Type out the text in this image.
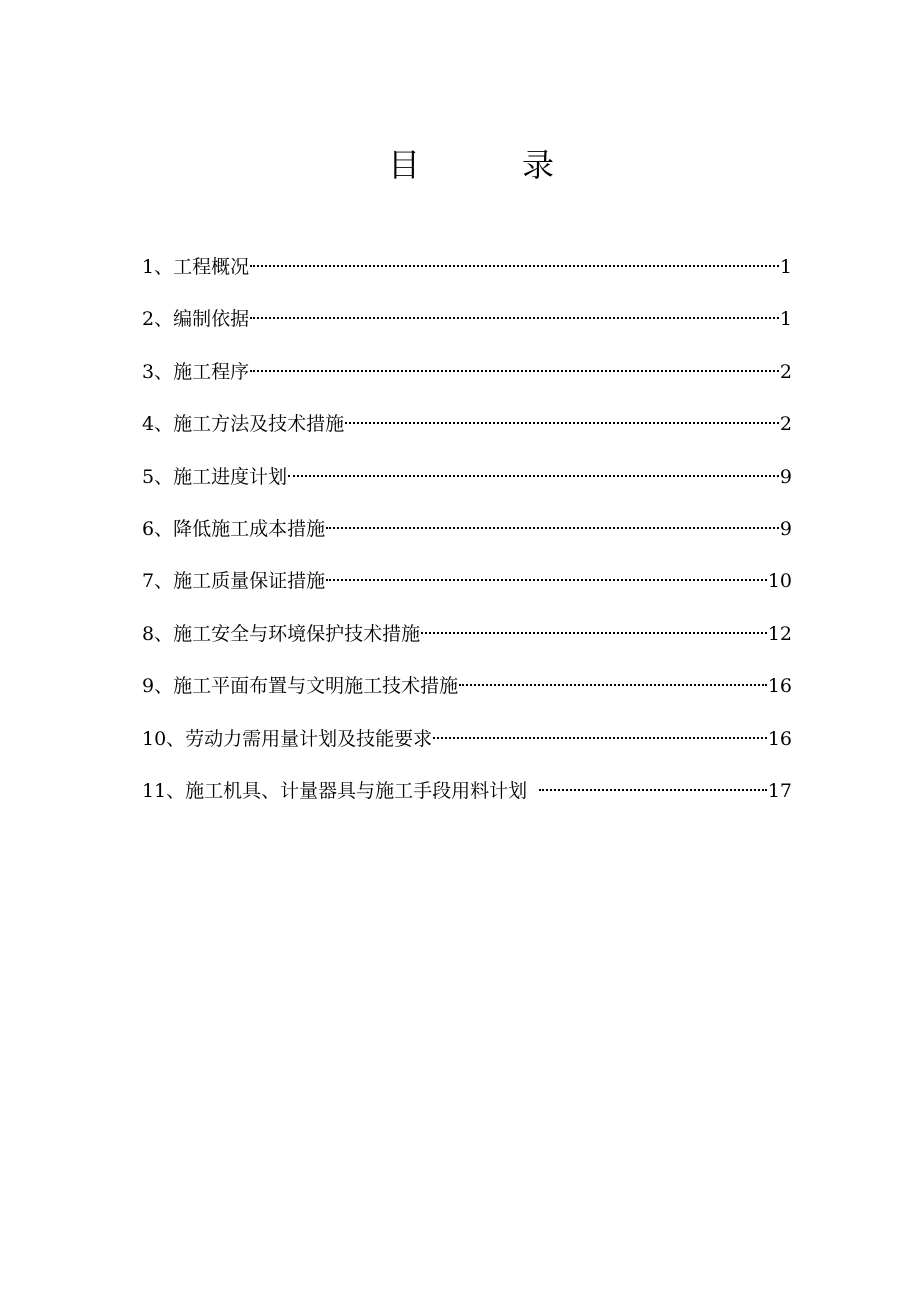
目	录
1、工程概况	1
2、编制依据	1
3、施工程序	2
4、施工方法及技术措施	2
5、施工进度计划	9
6、降低施工成本措施	9
7、施工质量保证措施	10
8、施工安全与环境保护技术措施	12
9、施工平面布置与文明施工技术措施	16
10、劳动力需用量计划及技能要求	16
11、施工机具、计量器具与施工手段用料计划	17
